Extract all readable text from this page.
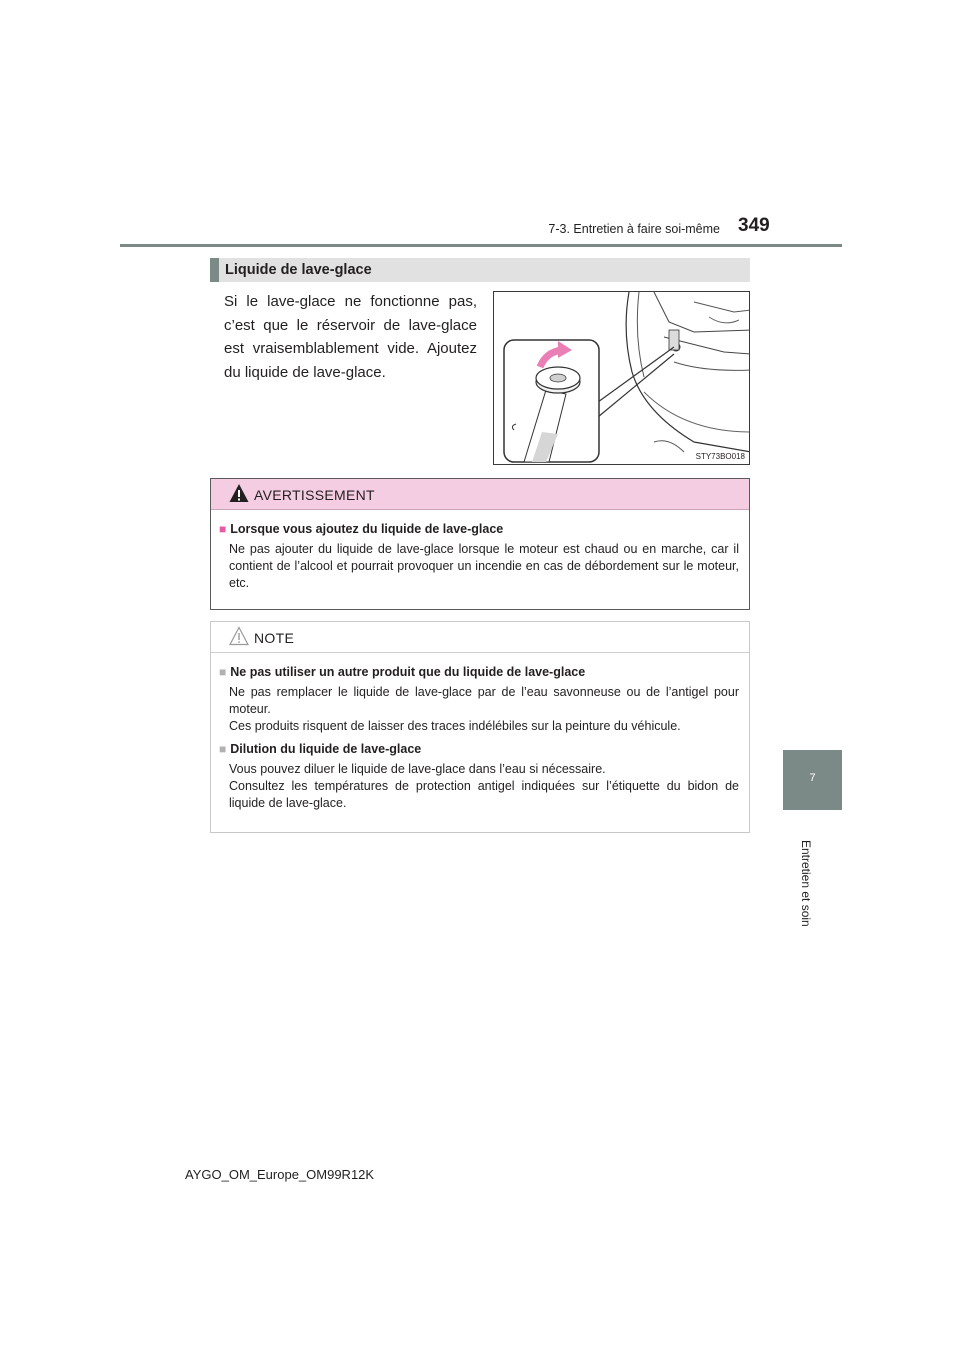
7-3. Entretien à faire soi-même 349
7
Entretien et soin
Liquide de lave-glace
Si le lave-glace ne fonctionne pas, c’est que le réservoir de lave-glace est vraisemblablement vide. Ajoutez du liquide de lave-glace.
STY73BO018
AVERTISSEMENT
■ Lorsque vous ajoutez du liquide de lave-glace
Ne pas ajouter du liquide de lave-glace lorsque le moteur est chaud ou en marche, car il contient de l’alcool et pourrait provoquer un incendie en cas de débordement sur le moteur, etc.
NOTE
■ Ne pas utiliser un autre produit que du liquide de lave-glace
Ne pas remplacer le liquide de lave-glace par de l’eau savonneuse ou de l’antigel pour moteur.
Ces produits risquent de laisser des traces indélébiles sur la peinture du véhicule.
■ Dilution du liquide de lave-glace
Vous pouvez diluer le liquide de lave-glace dans l’eau si nécessaire.
Consultez les températures de protection antigel indiquées sur l’étiquette du bidon de liquide de lave-glace.
AYGO_OM_Europe_OM99R12K
